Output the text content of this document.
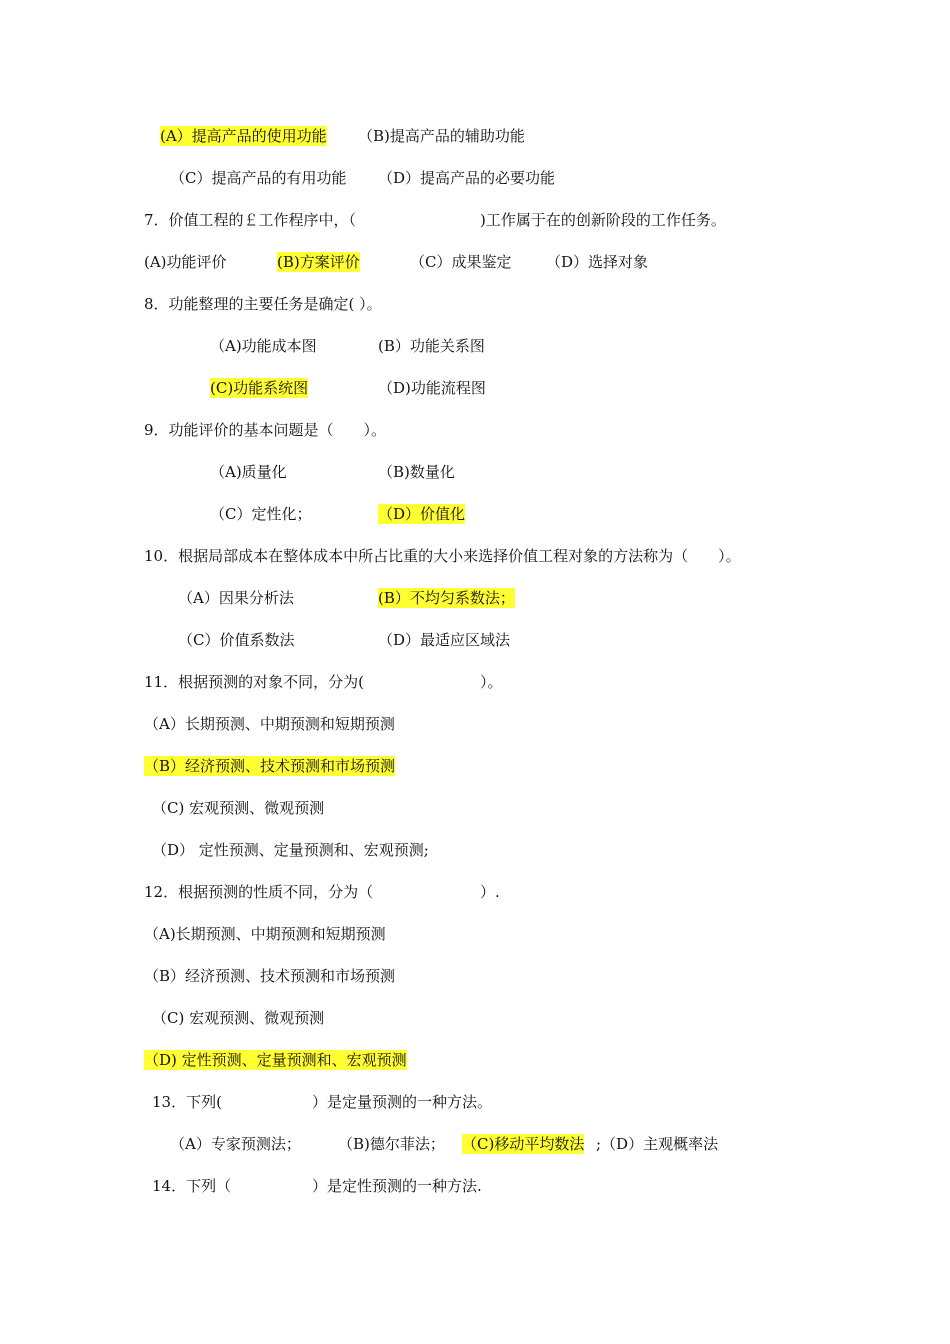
(A）提高产品的使用功能 （B)提高产品的辅助功能
（C）提高产品的有用功能 （D）提高产品的必要功能
7．价值工程的￡工作程序中，（	)工作属于在的创新阶段的工作任务。
(A)功能评价	(B)方案评价	（C）成果鉴定 （D）选择对象
8．功能整理的主要任务是确定( ）。
（A)功能成本图	(B）功能关系图
(C)功能系统图	（D)功能流程图
9．功能评价的基本问题是（　　）。
（A)质量化	（B)数量化
（C）定性化；	（D）价值化
10．根据局部成本在整体成本中所占比重的大小来选择价值工程对象的方法称为（　　）。
（A）因果分析法	(B）不均匀系数法；
（C）价值系数法	（D）最适应区域法
11．根据预测的对象不同，分为(	）。
（A）长期预测、中期预测和短期预测
（B）经济预测、技术预测和市场预测
（C) 宏观预测、微观预测
（D） 定性预测、定量预测和、宏观预测;
12．根据预测的性质不同，分为（	）.
（A)长期预测、中期预测和短期预测
（B）经济预测、技术预测和市场预测
（C) 宏观预测、微观预测
（D) 定性预测、定量预测和、宏观预测
13．下列(	）是定量预测的一种方法。
（A）专家预测法； （B)德尔菲法； （C)移动平均数法 ;（D）主观概率法
14．下列（	）是定性预测的一种方法.
